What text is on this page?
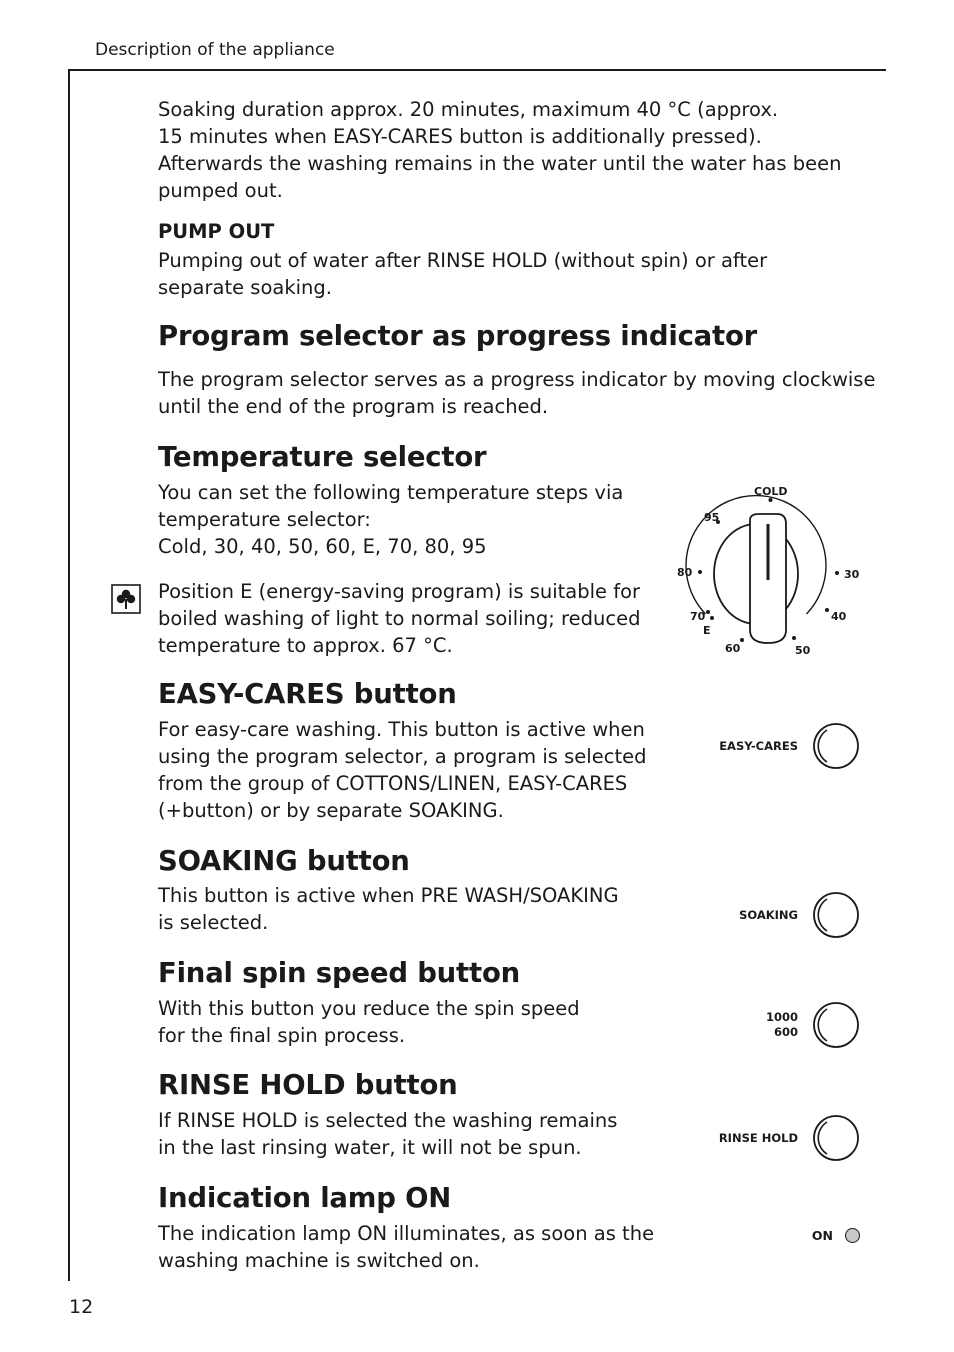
Description of the appliance
12
Soaking duration approx. 20 minutes, maximum 40 °C (approx.
15 minutes when EASY-CARES button is additionally pressed).
Afterwards the washing remains in the water until the water has been
pumped out.
PUMP OUT
Pumping out of water after RINSE HOLD (without spin) or after
separate soaking.
Program selector as progress indicator
The program selector serves as a progress indicator by moving clockwise
until the end of the program is reached.
Temperature selector
You can set the following temperature steps via
temperature selector:
Cold, 30, 40, 50, 60, E, 70, 80, 95
Position E (energy-saving program) is suitable for
boiled washing of light to normal soiling; reduced
temperature to approx. 67 °C.
COLD
30
40
50
60
E
70
80
95
EASY-CARES button
For easy-care washing. This button is active when
using the program selector, a program is selected
from the group of COTTONS/LINEN, EASY-CARES
(+button) or by separate SOAKING.
EASY-CARES
SOAKING button
This button is active when PRE WASH/SOAKING
is selected.	SOAKING
Final spin speed button
With this button you reduce the spin speed
for the final spin process.
1000
600
RINSE HOLD button
If RINSE HOLD is selected the washing remains
in the last rinsing water, it will not be spun.	RINSE HOLD
Indication lamp ON
The indication lamp ON illuminates, as soon as the
washing machine is switched on.
ON
